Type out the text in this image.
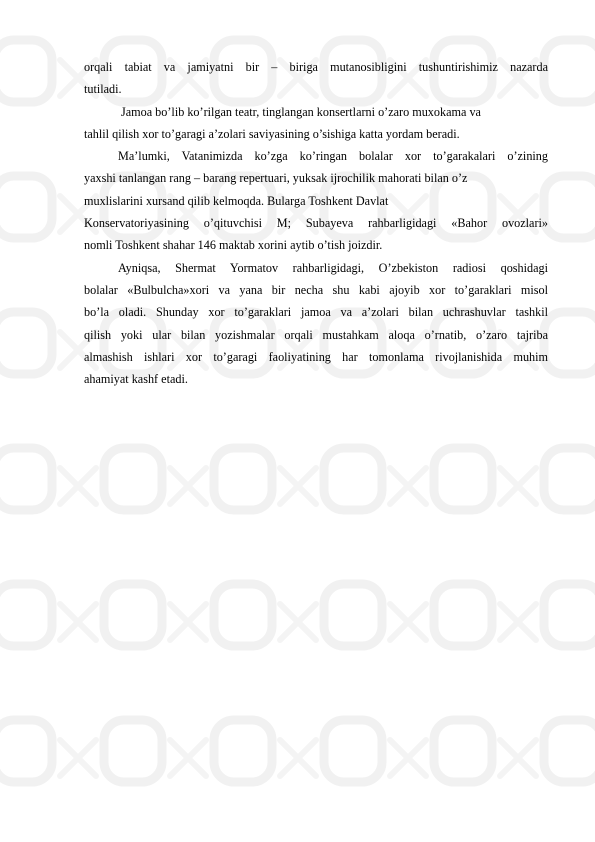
orqali tabiat va jamiyatni bir – biriga mutanosibligini tushuntirishimiz nazarda
tutiladi.
Jamoa bo’lib ko’rilgan teatr, tinglangan konsertlarni o’zaro muxokama va
tahlil qilish xor to’garagi a’zolari saviyasining o’sishiga katta yordam beradi.
Ma’lumki, Vatanimizda ko’zga ko’ringan bolalar xor to’garakalari o’zining
yaxshi tanlangan rang – barang repertuari, yuksak ijrochilik mahorati bilan o’z
muxlislarini xursand qilib kelmoqda. Bularga Toshkent Davlat
Konservatoriyasining o’qituvchisi M; Subayeva rahbarligidagi «Bahor ovozlari»
nomli Toshkent shahar 146 maktab xorini aytib o’tish joizdir.
Ayniqsa, Shermat Yormatov rahbarligidagi, O’zbekiston radiosi qoshidagi
bolalar «Bulbulcha»xori va yana bir necha shu kabi ajoyib xor to’garaklari misol
bo’la oladi. Shunday xor to’garaklari jamoa va a’zolari bilan uchrashuvlar tashkil
qilish yoki ular bilan yozishmalar orqali mustahkam aloqa o’rnatib, o’zaro tajriba
almashish ishlari xor to’garagi faoliyatining har tomonlama rivojlanishida muhim
ahamiyat kashf etadi.
